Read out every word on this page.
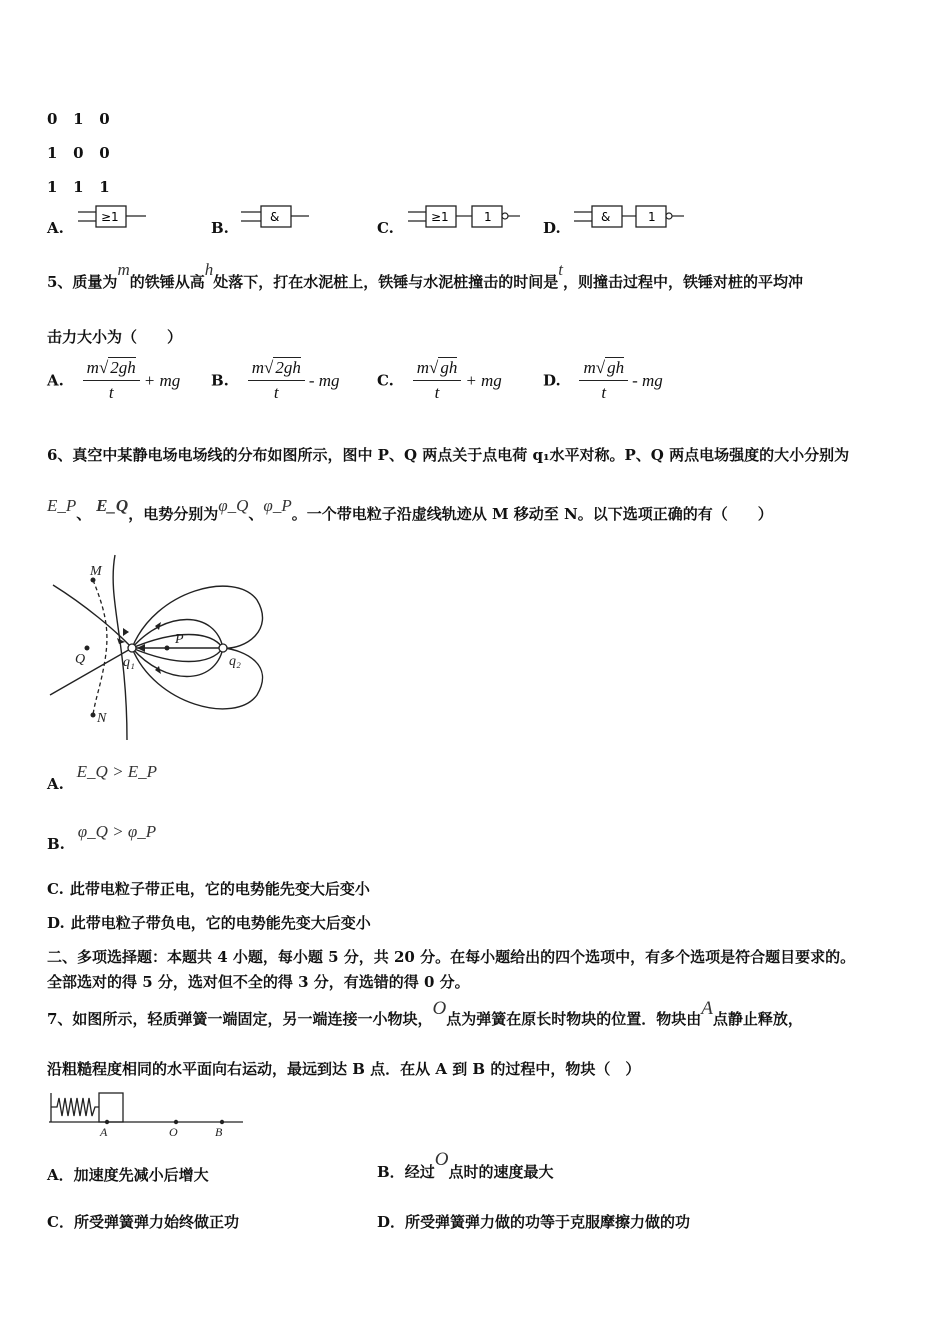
0 1 0
1 0 0
1 1 1
A.
≥1
B.
&
C.
≥1	1
D.
&	1
5、质量为m的铁锤从高h处落下，打在水泥桩上，铁锤与水泥桩撞击的时间是t，则撞击过程中，铁锤对桩的平均冲
击力大小为（　　）
A. $\frac{m√ 2gh}{t}$ + mg B. $\frac{m√ 2gh}{t}$ - mg C. $\frac{m√ gh}{t}$ + mg	D. $\frac{m√ gh}{t}$ - mg
6、真空中某静电场电场线的分布如图所示，图中 P、Q 两点关于点电荷 q₁水平对称。P、Q 两点电场强度的大小分别为
E_P、 E_Q，电势分别为φ_Q、φ_P。一个带电粒子沿虚线轨迹从 M 移动至 N。以下选项正确的有（　　）
M
N
Q
P
q₁	q₂
A. E_Q > E_P
B. φ_Q > φ_P
C. 此带电粒子带正电，它的电势能先变大后变小
D. 此带电粒子带负电，它的电势能先变大后变小
二、多项选择题：本题共 4 小题，每小题 5 分，共 20 分。在每小题给出的四个选项中，有多个选项是符合题目要求的。
全部选对的得 5 分，选对但不全的得 3 分，有选错的得 0 分。
7、如图所示，轻质弹簧一端固定，另一端连接一小物块，O点为弹簧在原长时物块的位置．物块由A点静止释放，
沿粗糙程度相同的水平面向右运动，最远到达 B 点．在从 A 到 B 的过程中，物块（　）
A	O	B
A．加速度先减小后增大	B．经过O点时的速度最大
C．所受弹簧弹力始终做正功	D．所受弹簧弹力做的功等于克服摩擦力做的功
